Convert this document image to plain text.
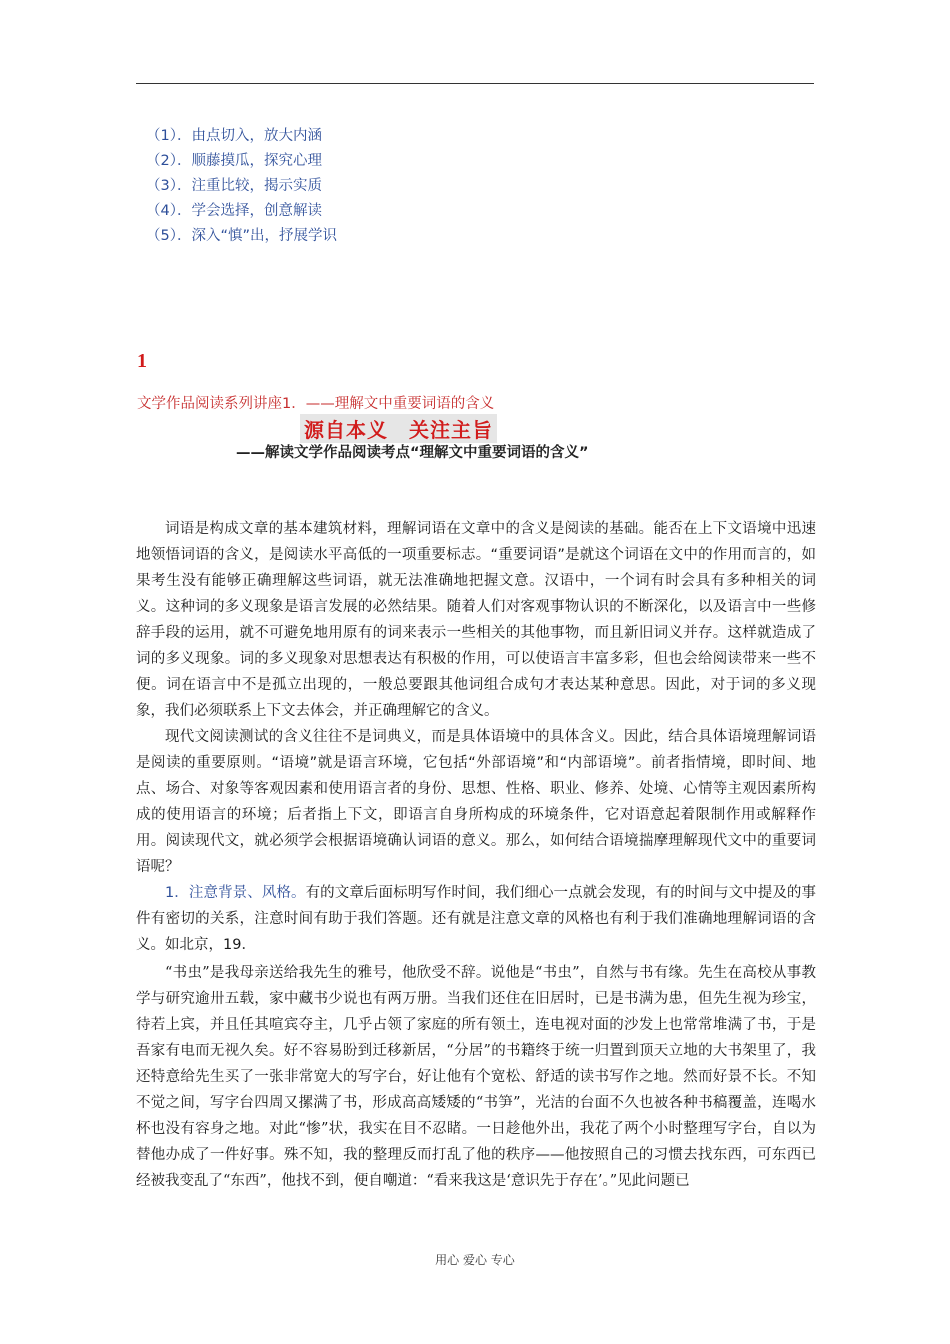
（1）．由点切入，放大内涵
（2）．顺藤摸瓜，探究心理
（3）．注重比较，揭示实质
（4）．学会选择，创意解读
（5）．深入“慎”出，抒展学识
1
文学作品阅读系列讲座1．——理解文中重要词语的含义
源自本义　关注主旨
——解读文学作品阅读考点“理解文中重要词语的含义”

词语是构成文章的基本建筑材料，理解词语在文章中的含义是阅读的基础。能否在上下文语境中迅速地领悟词语的含义，是阅读水平高低的一项重要标志。“重要词语”是就这个词语在文中的作用而言的，如果考生没有能够正确理解这些词语，就无法准确地把握文意。汉语中，一个词有时会具有多种相关的词义。这种词的多义现象是语言发展的必然结果。随着人们对客观事物认识的不断深化，以及语言中一些修辞手段的运用，就不可避免地用原有的词来表示一些相关的其他事物，而且新旧词义并存。这样就造成了词的多义现象。词的多义现象对思想表达有积极的作用，可以使语言丰富多彩，但也会给阅读带来一些不便。词在语言中不是孤立出现的，一般总要跟其他词组合成句才表达某种意思。因此，对于词的多义现象，我们必须联系上下文去体会，并正确理解它的含义。

现代文阅读测试的含义往往不是词典义，而是具体语境中的具体含义。因此，结合具体语境理解词语是阅读的重要原则。“语境”就是语言环境，它包括“外部语境”和“内部语境”。前者指情境，即时间、地点、场合、对象等客观因素和使用语言者的身份、思想、性格、职业、修养、处境、心情等主观因素所构成的使用语言的环境；后者指上下文，即语言自身所构成的环境条件，它对语意起着限制作用或解释作用。阅读现代文，就必须学会根据语境确认词语的意义。那么，如何结合语境揣摩理解现代文中的重要词语呢？

1．注意背景、风格。有的文章后面标明写作时间，我们细心一点就会发现，有的时间与文中提及的事件有密切的关系，注意时间有助于我们答题。还有就是注意文章的风格也有利于我们准确地理解词语的含义。如北京，19．

“书虫”是我母亲送给我先生的雅号，他欣受不辞。说他是“书虫”，自然与书有缘。先生在高校从事教学与研究逾卅五载，家中藏书少说也有两万册。当我们还住在旧居时，已是书满为患，但先生视为珍宝，待若上宾，并且任其喧宾夺主，几乎占领了家庭的所有领土，连电视对面的沙发上也常常堆满了书，于是吾家有电而无视久矣。好不容易盼到迁移新居，“分居”的书籍终于统一归置到顶天立地的大书架里了，我还特意给先生买了一张非常宽大的写字台，好让他有个宽松、舒适的读书写作之地。然而好景不长。不知不觉之间，写字台四周又摞满了书，形成高高矮矮的“书笋”，光洁的台面不久也被各种书稿覆盖，连喝水杯也没有容身之地。对此“惨”状，我实在目不忍睹。一日趁他外出，我花了两个小时整理写字台，自以为替他办成了一件好事。殊不知，我的整理反而打乱了他的秩序——他按照自己的习惯去找东西，可东西已经被我变乱了“东西”，他找不到，便自嘲道：“看来我这是‘意识先于存在’。”见此问题已
用心 爱心 专心
